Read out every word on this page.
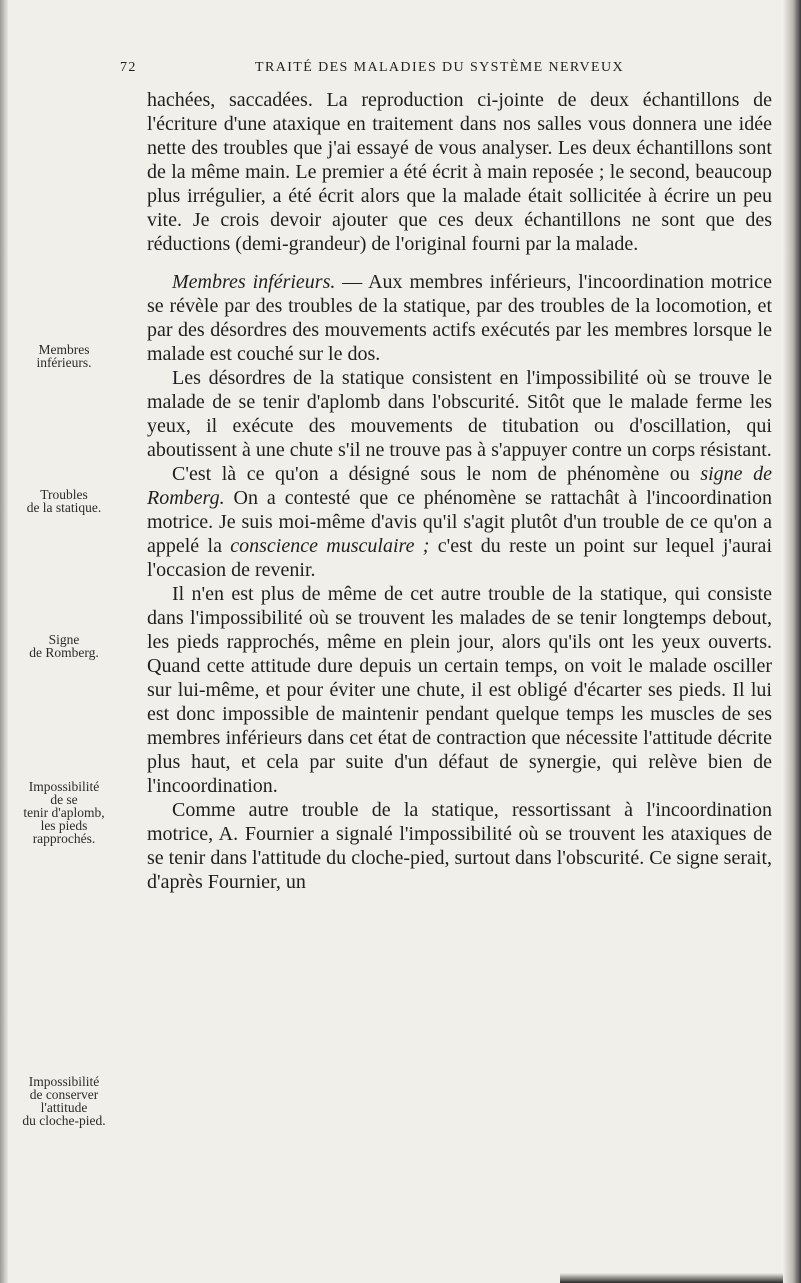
72	TRAITÉ DES MALADIES DU SYSTÈME NERVEUX
Membres
inférieurs.
Troubles
de la statique.
Signe
de Romberg.
Impossibilité
de se
tenir d'aplomb,
les pieds
rapprochés.
Impossibilité
de conserver
l'attitude
du cloche-pied.

hachées, saccadées. La reproduction ci-jointe de deux échantillons de l'écriture d'une ataxique en traitement dans nos salles vous donnera une idée nette des troubles que j'ai essayé de vous analyser. Les deux échantillons sont de la même main. Le premier a été écrit à main reposée ; le second, beaucoup plus irrégulier, a été écrit alors que la malade était sollicitée à écrire un peu vite. Je crois devoir ajouter que ces deux échantillons ne sont que des réductions (demi-grandeur) de l'original fourni par la malade.

Membres inférieurs. — Aux membres inférieurs, l'incoordination motrice se révèle par des troubles de la statique, par des troubles de la locomotion, et par des désordres des mouvements actifs exécutés par les membres lorsque le malade est couché sur le dos.

Les désordres de la statique consistent en l'impossibilité où se trouve le malade de se tenir d'aplomb dans l'obscurité. Sitôt que le malade ferme les yeux, il exécute des mouvements de titubation ou d'oscillation, qui aboutissent à une chute s'il ne trouve pas à s'appuyer contre un corps résistant.

C'est là ce qu'on a désigné sous le nom de phénomène ou signe de Romberg. On a contesté que ce phénomène se rattachât à l'incoordination motrice. Je suis moi-même d'avis qu'il s'agit plutôt d'un trouble de ce qu'on a appelé la conscience musculaire ; c'est du reste un point sur lequel j'aurai l'occasion de revenir.

Il n'en est plus de même de cet autre trouble de la statique, qui consiste dans l'impossibilité où se trouvent les malades de se tenir longtemps debout, les pieds rapprochés, même en plein jour, alors qu'ils ont les yeux ouverts. Quand cette attitude dure depuis un certain temps, on voit le malade osciller sur lui-même, et pour éviter une chute, il est obligé d'écarter ses pieds. Il lui est donc impossible de maintenir pendant quelque temps les muscles de ses membres inférieurs dans cet état de contraction que nécessite l'attitude décrite plus haut, et cela par suite d'un défaut de synergie, qui relève bien de l'incoordination.

Comme autre trouble de la statique, ressortissant à l'incoordination motrice, A. Fournier a signalé l'impossibilité où se trouvent les ataxiques de se tenir dans l'attitude du cloche-pied, surtout dans l'obscurité. Ce signe serait, d'après Fournier, un
